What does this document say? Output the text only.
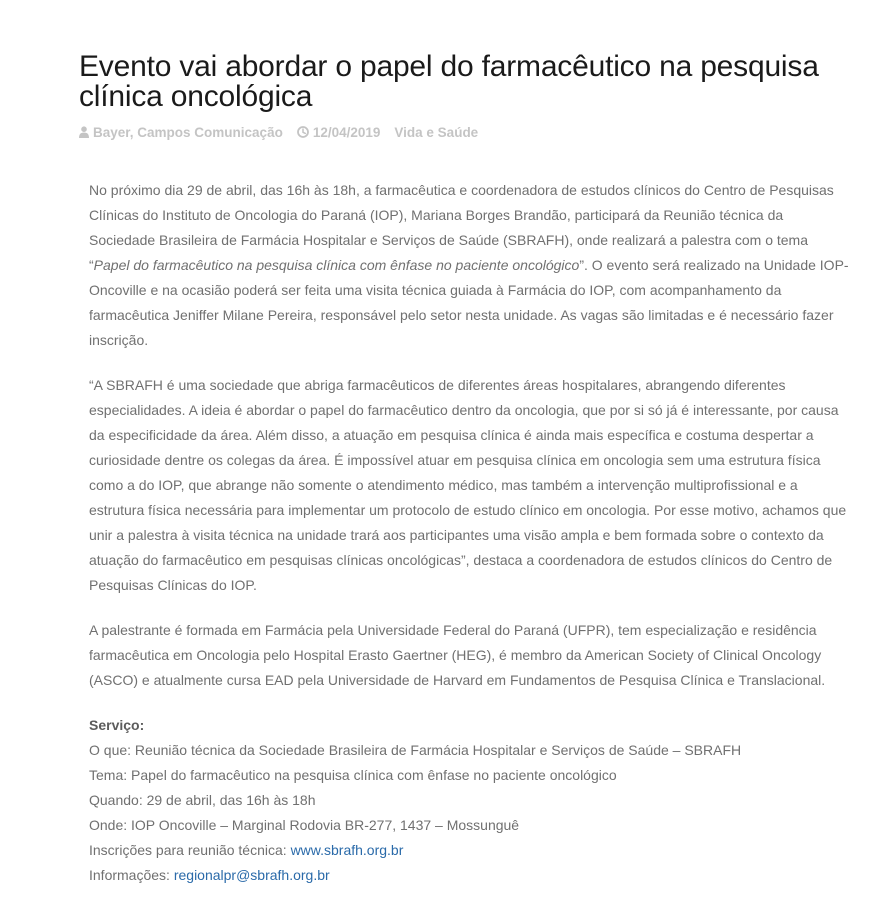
Evento vai abordar o papel do farmacêutico na pesquisa clínica oncológica
Bayer, Campos Comunicação 12/04/2019 Vida e Saúde

No próximo dia 29 de abril, das 16h às 18h, a farmacêutica e coordenadora de estudos clínicos do Centro de Pesquisas Clínicas do Instituto de Oncologia do Paraná (IOP), Mariana Borges Brandão, participará da Reunião técnica da Sociedade Brasileira de Farmácia Hospitalar e Serviços de Saúde (SBRAFH), onde realizará a palestra com o tema “Papel do farmacêutico na pesquisa clínica com ênfase no paciente oncológico”. O evento será realizado na Unidade IOP-Oncoville e na ocasião poderá ser feita uma visita técnica guiada à Farmácia do IOP, com acompanhamento da farmacêutica Jeniffer Milane Pereira, responsável pelo setor nesta unidade. As vagas são limitadas e é necessário fazer inscrição.

“A SBRAFH é uma sociedade que abriga farmacêuticos de diferentes áreas hospitalares, abrangendo diferentes especialidades. A ideia é abordar o papel do farmacêutico dentro da oncologia, que por si só já é interessante, por causa da especificidade da área. Além disso, a atuação em pesquisa clínica é ainda mais específica e costuma despertar a curiosidade dentre os colegas da área. É impossível atuar em pesquisa clínica em oncologia sem uma estrutura física como a do IOP, que abrange não somente o atendimento médico, mas também a intervenção multiprofissional e a estrutura física necessária para implementar um protocolo de estudo clínico em oncologia. Por esse motivo, achamos que unir a palestra à visita técnica na unidade trará aos participantes uma visão ampla e bem formada sobre o contexto da atuação do farmacêutico em pesquisas clínicas oncológicas”, destaca a coordenadora de estudos clínicos do Centro de Pesquisas Clínicas do IOP.

A palestrante é formada em Farmácia pela Universidade Federal do Paraná (UFPR), tem especialização e residência farmacêutica em Oncologia pelo Hospital Erasto Gaertner (HEG), é membro da American Society of Clinical Oncology (ASCO) e atualmente cursa EAD pela Universidade de Harvard em Fundamentos de Pesquisa Clínica e Translacional.

Serviço:
O que: Reunião técnica da Sociedade Brasileira de Farmácia Hospitalar e Serviços de Saúde – SBRAFH
Tema: Papel do farmacêutico na pesquisa clínica com ênfase no paciente oncológico
Quando: 29 de abril, das 16h às 18h
Onde: IOP Oncoville – Marginal Rodovia BR-277, 1437 – Mossunguê
Inscrições para reunião técnica: www.sbrafh.org.br
Informações: regionalpr@sbrafh.org.br
